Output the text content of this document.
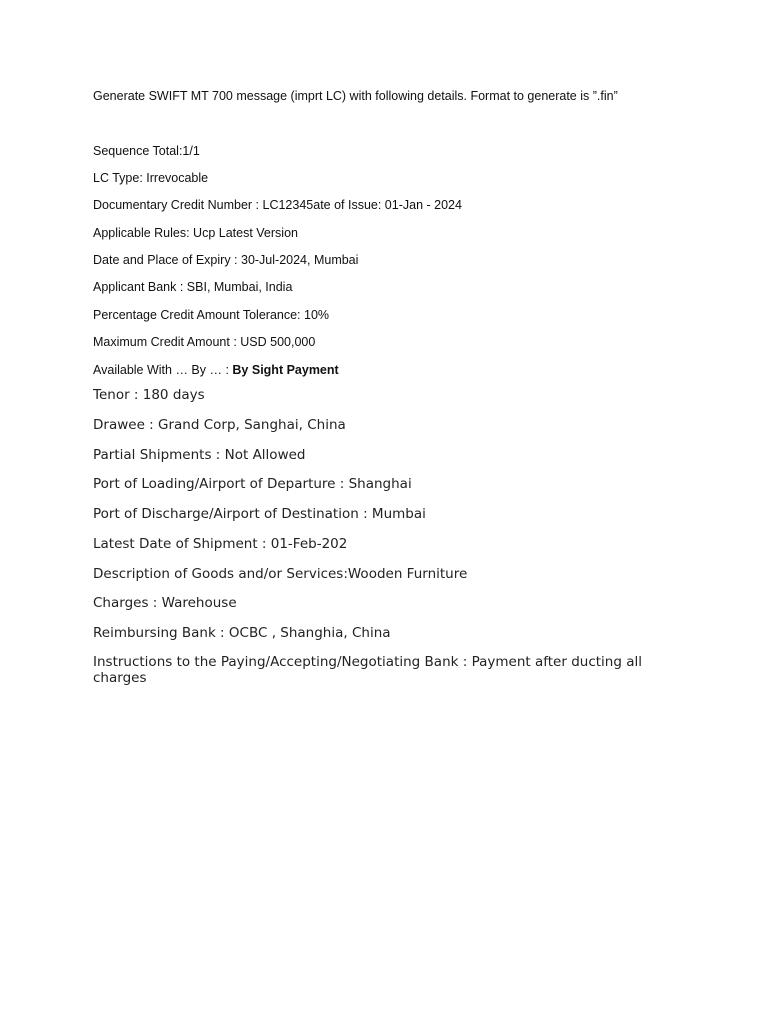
Generate SWIFT MT 700 message (imprt LC) with following details. Format to generate is ”.fin”
Sequence Total:1/1
LC Type: Irrevocable
Documentary Credit Number : LC12345ate of Issue: 01-Jan - 2024
Applicable Rules: Ucp Latest Version
Date and Place of Expiry : 30-Jul-2024, Mumbai
Applicant Bank : SBI, Mumbai, India
Percentage Credit Amount Tolerance: 10%
Maximum Credit Amount : USD 500,000
Available With … By … : By Sight Payment
Tenor : 180 days
Drawee : Grand Corp, Sanghai, China
Partial Shipments : Not Allowed
Port of Loading/Airport of Departure : Shanghai
Port of Discharge/Airport of Destination : Mumbai
Latest Date of Shipment : 01-Feb-202
Description of Goods and/or Services:Wooden Furniture
Charges : Warehouse
Reimbursing Bank : OCBC , Shanghia, China
Instructions to the Paying/Accepting/Negotiating Bank : Payment after ducting all charges
